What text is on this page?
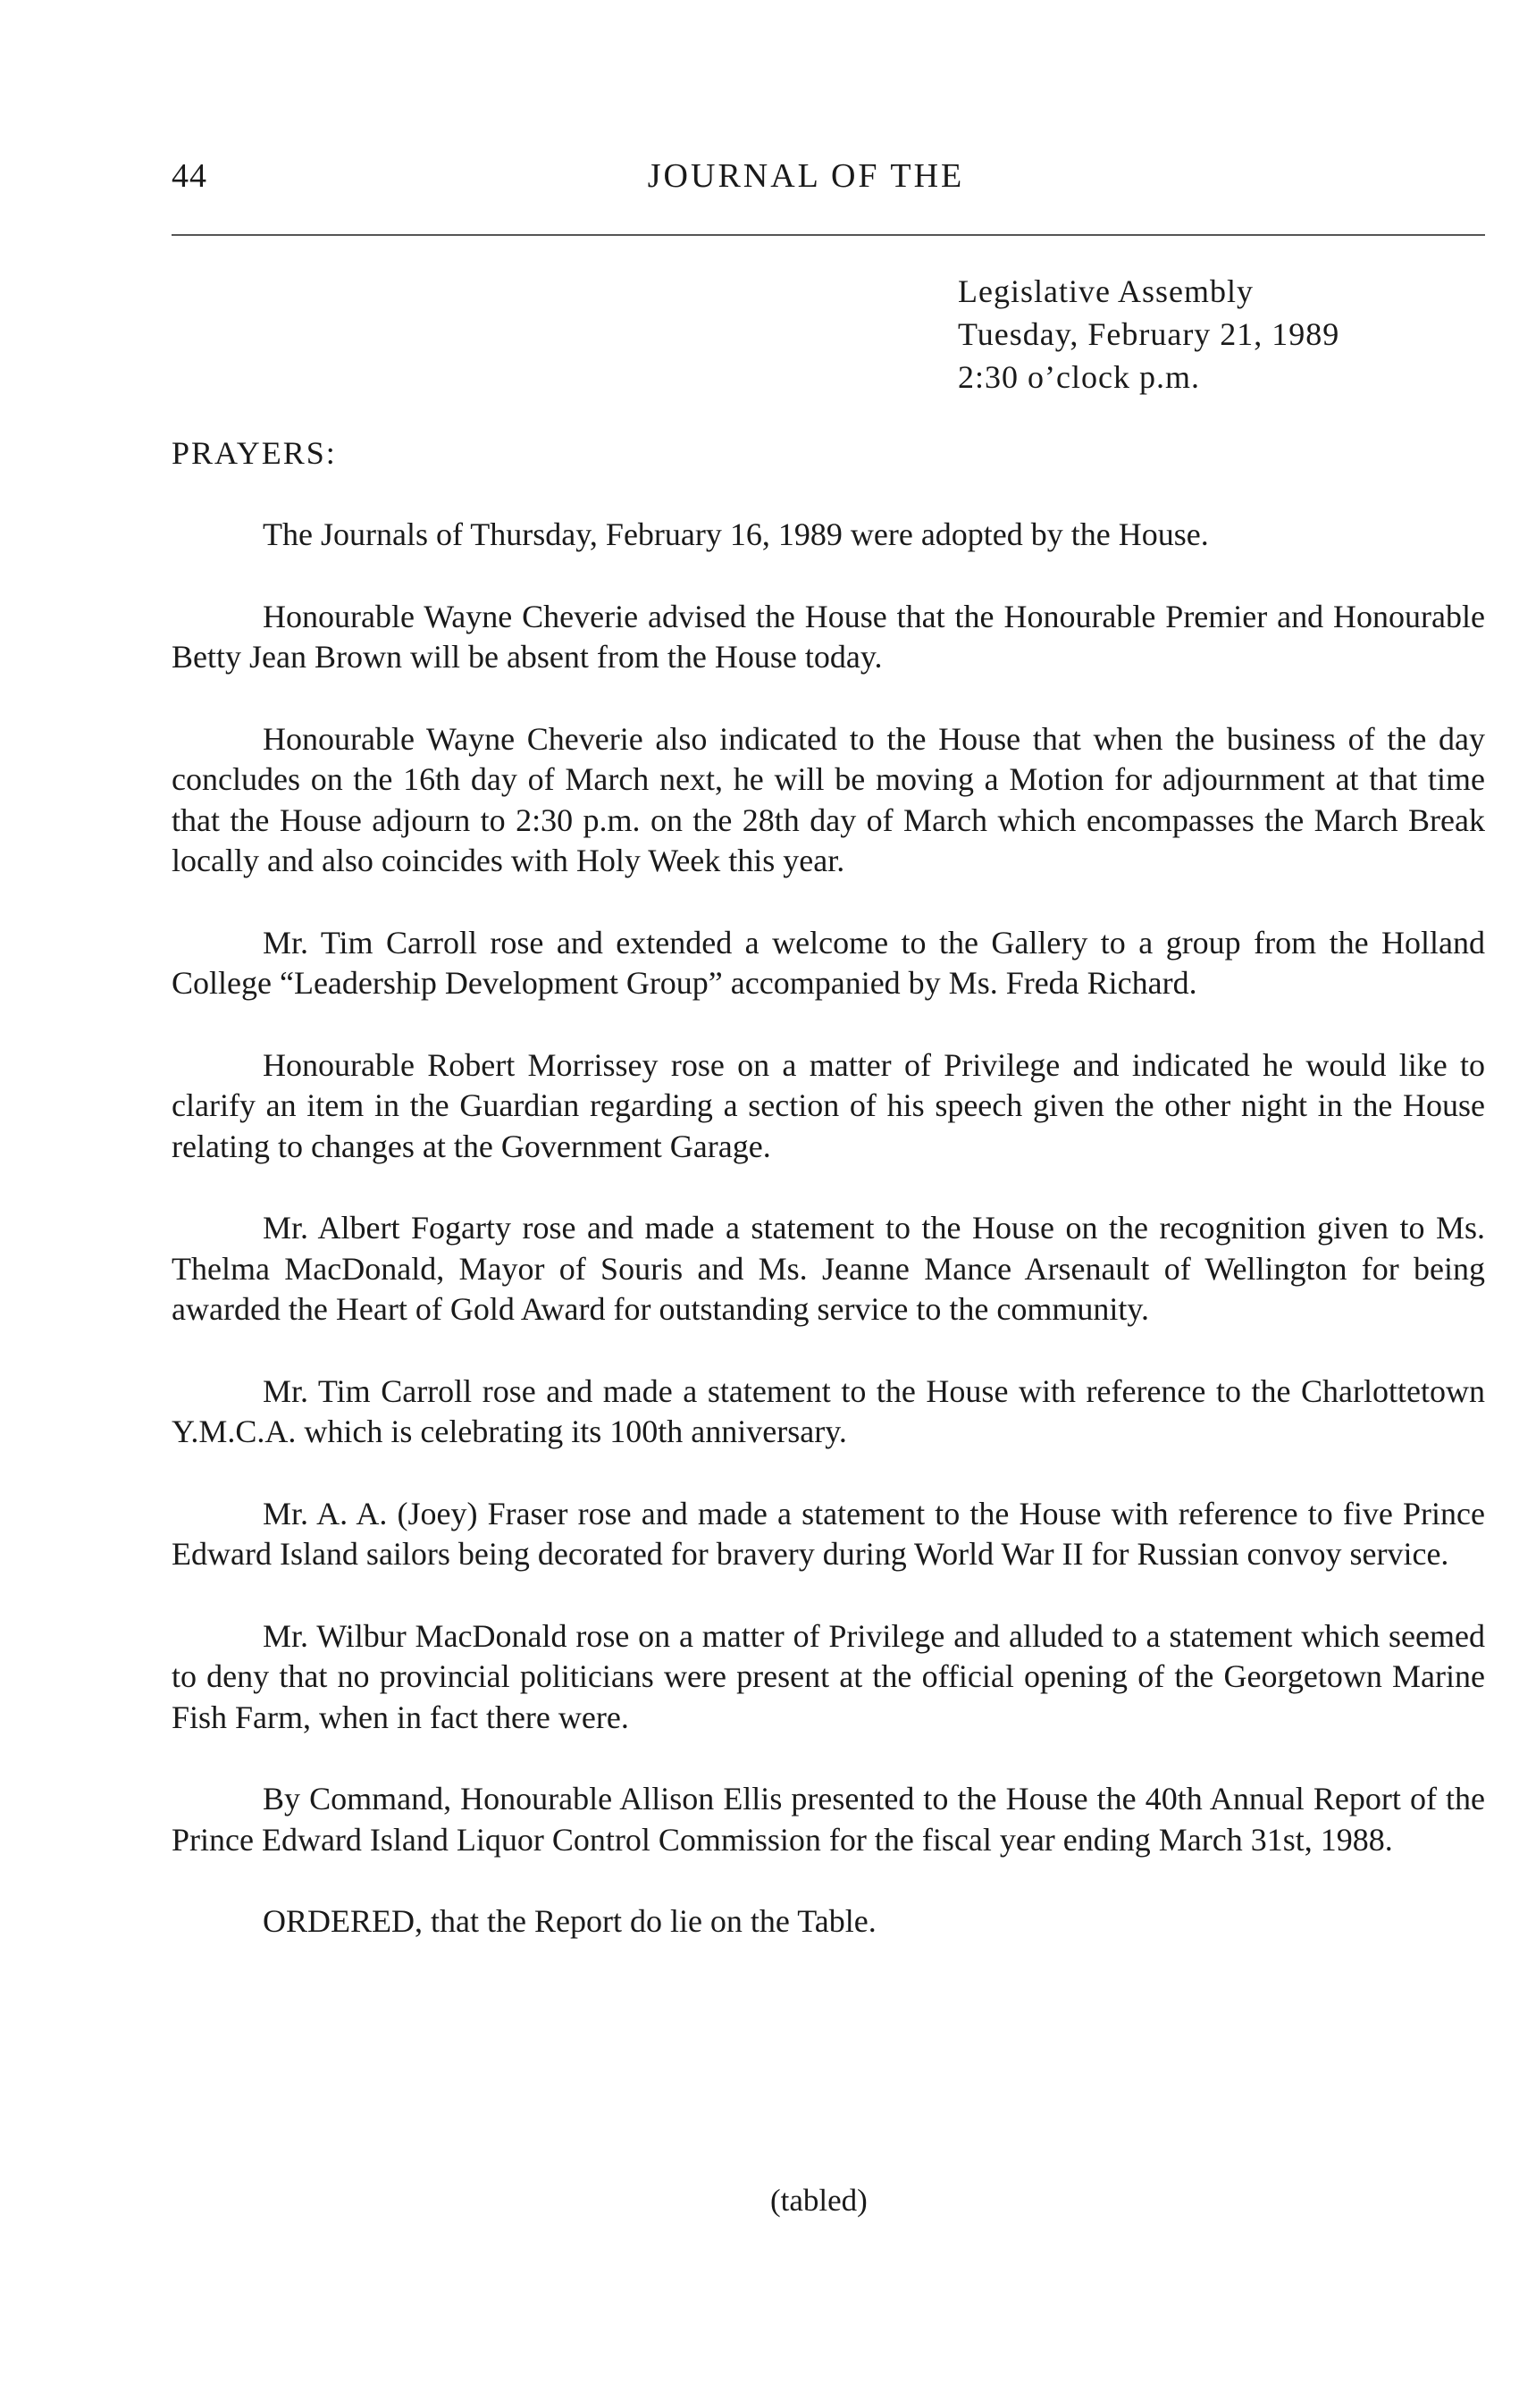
44	JOURNAL OF THE
Legislative Assembly
Tuesday, February 21, 1989
2:30 o’clock p.m.
PRAYERS:

The Journals of Thursday, February 16, 1989 were adopted by the House.

Honourable Wayne Cheverie advised the House that the Honourable Premier and Honourable Betty Jean Brown will be absent from the House today.

Honourable Wayne Cheverie also indicated to the House that when the business of the day concludes on the 16th day of March next, he will be moving a Motion for adjournment at that time that the House adjourn to 2:30 p.m. on the 28th day of March which encompasses the March Break locally and also coincides with Holy Week this year.

Mr. Tim Carroll rose and extended a welcome to the Gallery to a group from the Holland College “Leadership Development Group” accompanied by Ms. Freda Richard.

Honourable Robert Morrissey rose on a matter of Privilege and indicated he would like to clarify an item in the Guardian regarding a section of his speech given the other night in the House relating to changes at the Government Garage.

Mr. Albert Fogarty rose and made a statement to the House on the recognition given to Ms. Thelma MacDonald, Mayor of Souris and Ms. Jeanne Mance Arsenault of Wellington for being awarded the Heart of Gold Award for outstanding service to the community.

Mr. Tim Carroll rose and made a statement to the House with reference to the Charlottetown Y.M.C.A. which is celebrating its 100th anniversary.

Mr. A. A. (Joey) Fraser rose and made a statement to the House with reference to five Prince Edward Island sailors being decorated for bravery during World War II for Russian convoy service.

Mr. Wilbur MacDonald rose on a matter of Privilege and alluded to a statement which seemed to deny that no provincial politicians were present at the official opening of the Georgetown Marine Fish Farm, when in fact there were.

By Command, Honourable Allison Ellis presented to the House the 40th Annual Report of the Prince Edward Island Liquor Control Commission for the fiscal year ending March 31st, 1988.

ORDERED, that the Report do lie on the Table.

(tabled)
